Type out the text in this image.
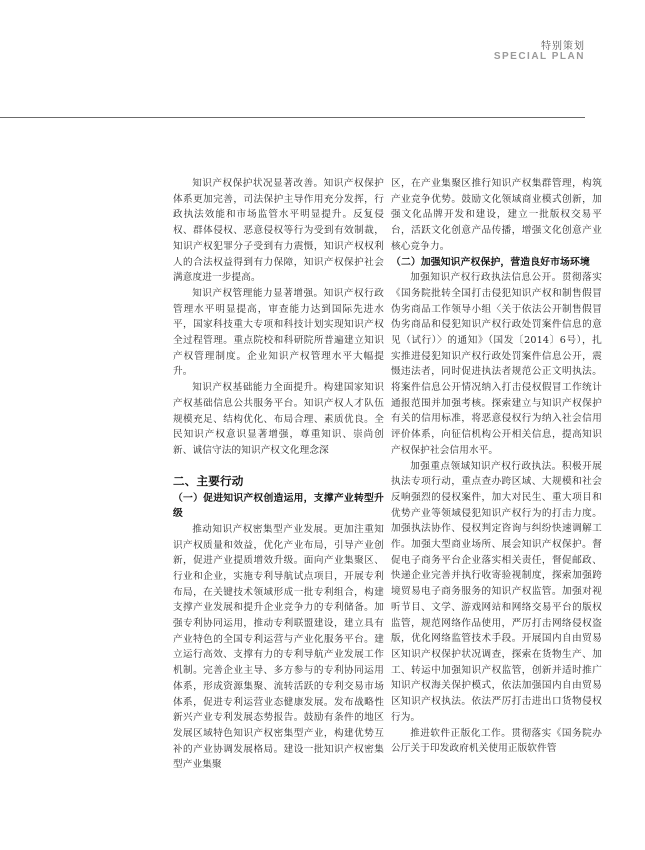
特别策划
SPECIAL PLAN

知识产权保护状况显著改善。知识产权保护体系更加完善，司法保护主导作用充分发挥，行政执法效能和市场监管水平明显提升。反复侵权、群体侵权、恶意侵权等行为受到有效制裁，知识产权犯罪分子受到有力震慑，知识产权权利人的合法权益得到有力保障，知识产权保护社会满意度进一步提高。

知识产权管理能力显著增强。知识产权行政管理水平明显提高，审查能力达到国际先进水平，国家科技重大专项和科技计划实现知识产权全过程管理。重点院校和科研院所普遍建立知识产权管理制度。企业知识产权管理水平大幅提升。

知识产权基础能力全面提升。构建国家知识产权基础信息公共服务平台。知识产权人才队伍规模充足、结构优化、布局合理、素质优良。全民知识产权意识显著增强，尊重知识、崇尚创新、诚信守法的知识产权文化理念深

二、主要行动
（一）促进知识产权创造运用，支撑产业转型升级

推动知识产权密集型产业发展。更加注重知识产权质量和效益，优化产业布局，引导产业创新，促进产业提质增效升级。面向产业集聚区、行业和企业，实施专利导航试点项目，开展专利布局，在关键技术领域形成一批专利组合，构建支撑产业发展和提升企业竞争力的专利储备。加强专利协同运用，推动专利联盟建设，建立具有产业特色的全国专利运营与产业化服务平台。建立运行高效、支撑有力的专利导航产业发展工作机制。完善企业主导、多方参与的专利协同运用体系，形成资源集聚、流转活跃的专利交易市场体系，促进专利运营业态健康发展。发布战略性新兴产业专利发展态势报告。鼓励有条件的地区发展区域特色知识产权密集型产业，构建优势互补的产业协调发展格局。建设一批知识产权密集型产业集聚

区，在产业集聚区推行知识产权集群管理，构筑产业竞争优势。鼓励文化领域商业模式创新，加强文化品牌开发和建设，建立一批版权交易平台，活跃文化创意产品传播，增强文化创意产业核心竞争力。

（二）加强知识产权保护，营造良好市场环境

加强知识产权行政执法信息公开。贯彻落实《国务院批转全国打击侵犯知识产权和制售假冒伪劣商品工作领导小组〈关于依法公开制售假冒伪劣商品和侵犯知识产权行政处罚案件信息的意见（试行）〉的通知》（国发〔2014〕6号），扎实推进侵犯知识产权行政处罚案件信息公开，震慑违法者，同时促进执法者规范公正文明执法。将案件信息公开情况纳入打击侵权假冒工作统计通报范围并加强考核。探索建立与知识产权保护有关的信用标准，将恶意侵权行为纳入社会信用评价体系，向征信机构公开相关信息，提高知识产权保护社会信用水平。

加强重点领域知识产权行政执法。积极开展执法专项行动，重点查办跨区域、大规模和社会反响强烈的侵权案件，加大对民生、重大项目和优势产业等领域侵犯知识产权行为的打击力度。加强执法协作、侵权判定咨询与纠纷快速调解工作。加强大型商业场所、展会知识产权保护。督促电子商务平台企业落实相关责任，督促邮政、快递企业完善并执行收寄验视制度，探索加强跨境贸易电子商务服务的知识产权监管。加强对视听节目、文学、游戏网站和网络交易平台的版权监管，规范网络作品使用，严厉打击网络侵权盗版，优化网络监管技术手段。开展国内自由贸易区知识产权保护状况调查，探索在货物生产、加工、转运中加强知识产权监管，创新并适时推广知识产权海关保护模式，依法加强国内自由贸易区知识产权执法。依法严厉打击进出口货物侵权行为。

推进软件正版化工作。贯彻落实《国务院办公厅关于印发政府机关使用正版软件管
